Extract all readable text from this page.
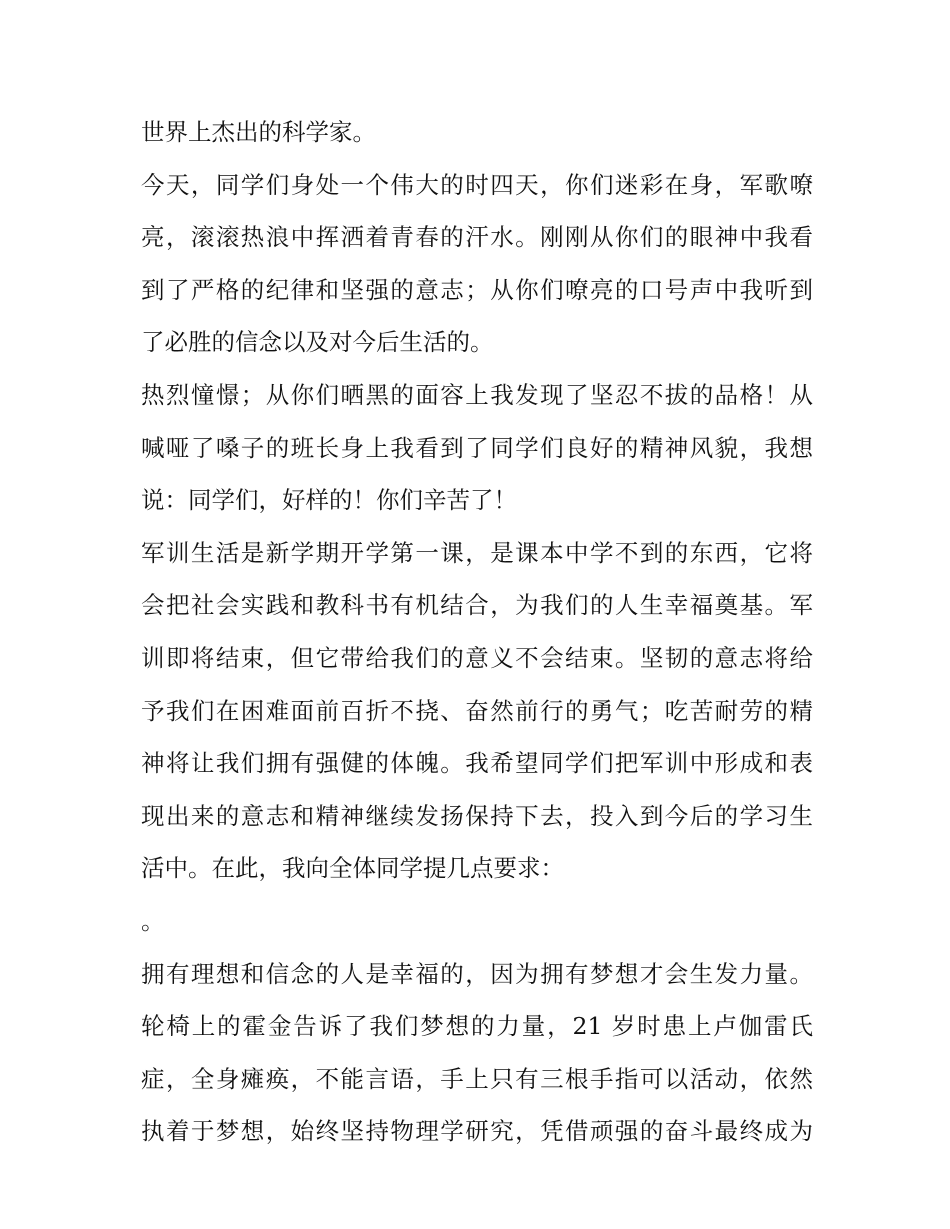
世界上杰出的科学家。
今天，同学们身处一个伟大的时四天，你们迷彩在身，军歌嘹
亮，滚滚热浪中挥洒着青春的汗水。刚刚从你们的眼神中我看
到了严格的纪律和坚强的意志；从你们嘹亮的口号声中我听到
了必胜的信念以及对今后生活的。
热烈憧憬；从你们晒黑的面容上我发现了坚忍不拔的品格！从
喊哑了嗓子的班长身上我看到了同学们良好的精神风貌，我想
说：同学们，好样的！你们辛苦了！
军训生活是新学期开学第一课，是课本中学不到的东西，它将
会把社会实践和教科书有机结合，为我们的人生幸福奠基。军
训即将结束，但它带给我们的意义不会结束。坚韧的意志将给
予我们在困难面前百折不挠、奋然前行的勇气；吃苦耐劳的精
神将让我们拥有强健的体魄。我希望同学们把军训中形成和表
现出来的意志和精神继续发扬保持下去，投入到今后的学习生
活中。在此，我向全体同学提几点要求：
。
拥有理想和信念的人是幸福的，因为拥有梦想才会生发力量。
轮椅上的霍金告诉了我们梦想的力量，21 岁时患上卢伽雷氏
症，全身瘫痪，不能言语，手上只有三根手指可以活动，依然
执着于梦想，始终坚持物理学研究，凭借顽强的奋斗最终成为
